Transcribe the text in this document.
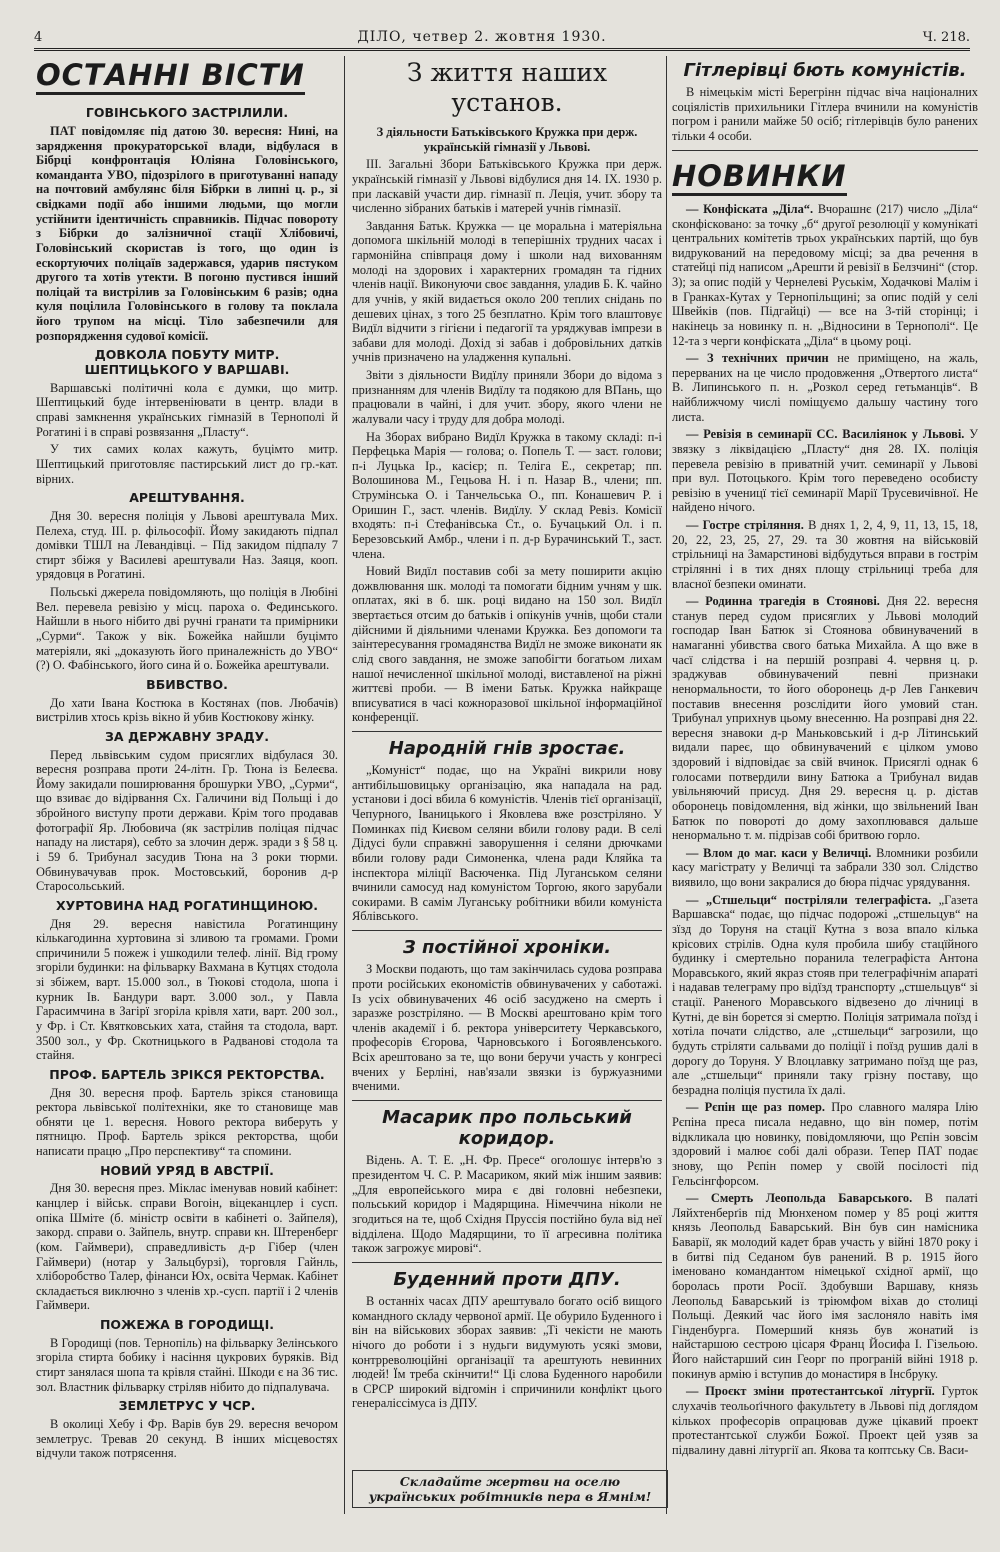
4	ДІЛО, четвер 2. жовтня 1930.	Ч. 218.
ОСТАННІ ВІСТИ
ГОВІНСЬКОГО ЗАСТРІЛИЛИ.

ПАТ повідомляє під датою 30. вересня: Нині, на зарядження прокураторської влади, відбулася в Бібрці конфронтація Юліяна Головінського, команданта УВО, підозрілого в приготуванні нападу на почтовий амбулянс біля Бібрки в липні ц. р., зі свідками події або іншими людьми, що могли устійнити ідентичність справників. Підчас повороту з Бібрки до залізничної стації Хлібовичі, Головінський скористав із того, що один із ескортуючих поліцаїв задержався, ударив пястуком другого та хотів утекти. В погоню пустився інший поліцай та вистрілив за Головінським 6 разів; одна куля поцілила Головінського в голову та поклала його трупом на місці. Тіло забезпечили для розпорядження судової комісії.

ДОВКОЛА ПОБУТУ МИТР. ШЕПТИЦЬКОГО У ВАРШАВІ.

Варшавські політичні кола є думки, що митр. Шептицький буде інтервеніювати в центр. влади в справі замкнення українських гімназій в Тернополі й Рогатині і в справі розвязання „Пласту“.

У тих самих колах кажуть, буцімто митр. Шептицький приготовляє пастирський лист до гр.-кат. вірних.

АРЕШТУВАННЯ.

Дня 30. вересня поліція у Львові арештувала Мих. Пелеха, студ. ІІІ. р. фільософії. Йому закидають підпал домівки ТШЛ на Левандівці. – Під закидом підпалу 7 стирт збіжя у Василеві арештували Наз. Заяця, кооп. урядовця в Рогатині.

Польські джерела повідомляють, що поліція в Любіні Вел. перевела ревізію у місц. пароха о. Фединського. Найшли в нього нібито дві ручні гранати та примірники „Сурми“. Також у вік. Божейка найшли буцімто матеріяли, які „доказують його приналежність до УВО“ (?) О. Фабінського, його сина й о. Божейка арештували.

ВБИВСТВО.

До хати Івана Костюка в Костянах (пов. Любачів) вистрілив хтось крізь вікно й убив Костюкову жінку.

ЗА ДЕРЖАВНУ ЗРАДУ.

Перед львівським судом присяглих відбулася 30. вересня розправа проти 24-літн. Гр. Тюна із Белеєва. Йому закидали поширювання брошурки УВО, „Сурми“, що взиває до відірвання Сх. Галичини від Польщі і до збройного виступу проти держави. Крім того продавав фотографії Яр. Любовича (як застрілив поліцая підчас нападу на листаря), себто за злочин держ. зради з § 58 ц. і 59 б. Трибунал засудив Тюна на 3 роки тюрми. Обвинувачував прок. Мостовський, боронив д-р Старосольський.

ХУРТОВИНА НАД РОГАТИНЩИНОЮ.

Дня 29. вересня навістила Рогатинщину кількагодинна хуртовина зі зливою та громами. Громи спричинили 5 пожеж і ушкодили телеф. лінії. Від грому згоріли будинки: на фільварку Вахмана в Кутцях стодола зі збіжем, варт. 15.000 зол., в Тюкові стодола, шопа і курник Ів. Бандури варт. 3.000 зол., у Павла Гарасимчина в Загірї згоріла крівля хати, варт. 200 зол., у Фр. і Ст. Квятковських хата, стайня та стодола, варт. 3500 зол., у Фр. Скотницького в Радванові стодола та стайня.

ПРОФ. БАРТЕЛЬ ЗРІКСЯ РЕКТОРСТВА.

Дня 30. вересня проф. Бартель зрікся становища ректора львівської політехніки, яке то становище мав обняти це 1. вересня. Нового ректора виберуть у пятницю. Проф. Бартель зрікся ректорства, щоби написати працю „Про перспективу“ та спомини.

НОВИЙ УРЯД В АВСТРІЇ.

Дня 30. вересня през. Міклас іменував новий кабінет: канцлер і військ. справи Вогоін, віцеканцлер і сусп. опіка Шміте (б. міністр освіти в кабінеті о. Зайпеля), закорд. справи о. Зайпель, внутр. справи кн. Штеренберг (ком. Гаймвери), справедливість д-р Гібер (член Гаймвери) (нотар у Зальцбурзі), торговля Гайнль, хліборобство Талер, фінанси Юх, освіта Чермак. Кабінет складається виключно з членів хр.-сусп. партії і 2 членів Гаймвери.

ПОЖЕЖА В ГОРОДИЩІ.

В Городищі (пов. Тернопіль) на фільварку Зелінського згоріла стирта бобику і насіння цукрових буряків. Від стирт занялася шопа та крівля стайні. Шкоди є на 36 тис. зол. Властник фільварку стріляв нібито до підпалувача.

ЗЕМЛЕТРУС У ЧСР.

В околиці Хебу і Фр. Варів був 29. вересня вечором землетрус. Тревав 20 секунд. В інших місцевостях відчули також потрясення.

З життя наших установ.
З діяльности Батьківського Кружка при держ. українській гімназії у Львові.

III. Загальні Збори Батьківського Кружка при держ. українській гімназії у Львові відбулися дня 14. IX. 1930 р. при ласкавій участи дир. гімназії п. Леція, учит. збору та численно зібраних батьків і матерей учнів гімназії.

Завдання Батьк. Кружка — це моральна і матеріяльна допомога шкільній молоді в теперішніх трудних часах і гармонійна співпраця дому і школи над вихованням молоді на здорових і характерних громадян та гідних членів нації. Виконуючи своє завдання, уладив Б. К. чайно для учнів, у якій видається около 200 теплих снідань по дешевих цінах, з того 25 безплатно. Крім того влаштовує Видїл відчити з гігієни і педагогії та уряджував імпрези в забави для молоді. Дохід зі забав і добровільних датків учнів призначено на уладження купальні.

Звіти з діяльности Видїлу приняли Збори до відома з признанням для членів Видїлу та подякою для ВПань, що працювали в чайні, і для учит. збору, якого члени не жалували часу і труду для добра молоді.

На Зборах вибрано Видїл Кружка в такому складі: п-і Перфецька Марія — голова; о. Попель Т. — заст. голови; п-і Луцька Ір., касієр; п. Теліга Е., секретар; пп. Волошинова М., Гецьова Н. і п. Назар В., члени; пп. Струмінська О. і Танчельська О., пп. Конашевич Р. і Оришин Г., заст. членів. Видїлу. У склад Ревіз. Комісії входять: п-і Стефанівська Ст., о. Бучацький Ол. і п. Березовський Амбр., члени і п. д-р Бурачинський Т., заст. члена.

Новий Видїл поставив собі за мету поширити акцію дожвлювання шк. молоді та помогати бідним учням у шк. оплатах, які в б. шк. році видано на 150 зол. Видїл звертається отсим до батьків і опікунів учнів, щоби стали дійсними й діяльними членами Кружка. Без допомоги та заінтересування громадянства Видїл не зможе виконати як слід свого завдання, не зможе запобігти богатьом лихам нашої нечисленної шкільної молоді, виставленої на ріжні життєві проби. — В імени Батьк. Кружка найкраще вписуватися в часі кожноразової шкільної інформаційної конференції.

Народній гнів зростає.

„Комуніст“ подає, що на Україні викрили нову антибільшовицьку організацію, яка нападала на рад. установи і досі вбила 6 комуністів. Членів тієї організації, Чепурного, Іваницького і Яковлева вже розстріляно. У Поминках під Києвом селяни вбили голову ради. В селі Дідусі були справжні заворушення і селяни дрючками вбили голову ради Симоненка, члена ради Кляйка та інспектора міліції Васюченка. Під Луганськом селяни вчинили самосуд над комуністом Торгою, якого зарубали сокирами. В самім Луганську робітники вбили комуніста Яблівського.

З постійної хроніки.

З Москви подають, що там закінчилась судова розправа проти російських економістів обвинувачених у саботажі. Із усіх обвинувачених 46 осіб засуджено на смерть і заразже розстріляно. — В Москві арештовано крім того членів академії і б. ректора університету Черкавського, професорів Єгорова, Чарновського і Богоявленського. Всіх арештовано за те, що вони беручи участь у конгресі вчених у Берліні, нав'язали звязки із буржуазними вченими.

Масарик про польський коридор.

Відень. А. Т. Е. „Н. Фр. Пресе“ оголошує інтерв'ю з президентом Ч. С. Р. Масариком, який між іншим заявив: „Для европейського мира є дві головні небезпеки, польський коридор і Мадярщина. Німеччина ніколи не згодиться на те, щоб Східня Пруссія постійно була від неї відділена. Щодо Мадярщини, то її агресивна політика також загрожує мирові“.

Буденний проти ДПУ.

В останніх часах ДПУ арештувало богато осіб вищого командного складу червоної армії. Це обурило Буденного і він на військових зборах заявив: „Ті чекісти не мають нічого до роботи і з нудьги видумують усякі змови, контрреволюційні організації та арештують невинних людей! Їм треба скінчити!“ Ці слова Буденного наробили в СРСР широкий відгомін і спричинили конфлікт цього генераліссімуса із ДПУ.

Складайте жертви на оселю українських робітників пера в Ямнім!
Гітлерівці бють комуністів.

В німецькім місті Берегрінн підчас віча націоналних соціялістів прихильники Гітлера вчинили на комуністів погром і ранили майже 50 осіб; гітлерівців було ранених тільки 4 особи.

НОВИНКИ

— Конфіската „Діла“. Вчорашнє (217) число „Діла“ сконфісковано: за точку „б“ другої резолюції у комунікаті центральних комітетів трьох українських партій, що був видрукований на передовому місці; за два речення в статейці під написом „Арешти й ревізії в Белзчині“ (стор. 3); за опис подій у Чернелеві Руськім, Ходачкові Малім і в Гранках-Кутах у Тернопільщині; за опис подій у селі Швейків (пов. Підгайці) — все на 3-тій сторінці; і накінець за новинку п. н. „Відносини в Тернополі“. Це 12-та з черги конфіската „Діла“ в цьому році.

— З технічних причин не приміщено, на жаль, перерваних на це число продовження „Отвертого листа“ В. Липинського п. н. „Розкол серед гетьманців“. В найближчому числі поміщуємо дальшу частину того листа.

— Ревізія в семинарії СС. Василіянок у Львові. У звязку з ліквідацією „Пласту“ дня 28. IX. поліція перевела ревізію в приватній учит. семинарії у Львові при вул. Потоцького. Крім того переведено особисту ревізію в ученицї тієї семинарії Марії Трусевичівної. Не найдено нічого.

— Гостре стріляння. В днях 1, 2, 4, 9, 11, 13, 15, 18, 20, 22, 23, 25, 27, 29. та 30 жовтня на військовій стрільниці на Замарстинові відбудуться вправи в гострім стрілянні і в тих днях площу стрільниці треба для власної безпеки оминати.

— Родинна трагедія в Стоянові. Дня 22. вересня станув перед судом присяглих у Львові молодий господар Іван Батюк зі Стоянова обвинувачений в намаганні убивства свого батька Михайла. А що вже в часї слідства і на першій розправі 4. червня ц. р. зраджував обвинувачений певні признаки ненормальности, то його оборонець д-р Лев Ганкевич поставив внесення розслідити його умовий стан. Трибунал уприхнув цьому внесенню. На розправі дня 22. вересня знавоки д-р Маньковський і д-р Літинський видали пареє, що обвинувачений є цілком умово здоровий і відповідає за свій вчинок. Присяглі однак 6 голосами потвердили вину Батюка а Трибунал видав увільняючий присуд. Дня 29. вересня ц. р. дістав оборонець повідомлення, від жінки, що звільнений Іван Батюк по повороті до дому захоплювався дальше ненормально т. м. підрізав собі бритвою горло.

— Влом до маг. каси у Величці. Вломники розбили касу магістрату у Величці та забрали 330 зол. Слідство виявило, що вони закралися до бюра підчас урядування.

— „Стшельци“ постріляли телеграфіста. „Газета Варшавска“ подає, що підчас подорожі „стшельцув“ на зїзд до Торуня на стації Кутна з воза впало кілька крісових стрілів. Одна куля пробила шибу стацїйного будинку і смертельно поранила телеграфіста Антона Моравського, який якраз стояв при телеграфічнім апараті і надавав телеграму про відїзд транспорту „стшельцув“ зі стації. Раненого Моравського відвезено до лічниці в Кутні, де він борется зі смертю. Поліція затримала поїзд і хотіла почати слідство, але „стшельци“ загрозили, що будуть стріляти сальвами до поліції і поїзд рушив далі в дорогу до Торуня. У Влоцлавку затримано поїзд ще раз, але „стшельци“ приняли таку грізну поставу, що безрадна поліція пустила їх далі.

— Рєпін ще раз помер. Про славного маляра Ілію Рєпіна преса писала недавно, що він помер, потім відкликала цю новинку, повідомляючи, що Рєпін зовсім здоровий і малює собі далі образи. Тепер ПАТ подає знову, що Рєпін помер у своїй посілості під Гельсінгфорсом.

— Смерть Леопольда Баварського. В палаті Ляйхтенберґів під Мюнхеном помер у 85 році життя князь Леопольд Баварський. Він був син намісника Баварії, як молодий кадет брав участь у війні 1870 року і в битві під Седаном був ранений. В р. 1915 його іменовано командантом німецької східної армії, що боролась проти Росії. Здобувши Варшаву, князь Леопольд Баварський із тріюмфом віхав до столиці Польщі. Деякий час його імя заслоняло навіть імя Гінденбурга. Померший князь був жонатий із найстаршою сестрою цісаря Франц Йосифа І. Гізельою. Його найстарший син Георг по програній війні 1918 р. покинув армію і вступив до монастиря в Інсбруку.

— Проєкт зміни протестантської літургії. Гурток слухачів теольоґічного факультету в Львові під доглядом кількох професорів опрацював дуже цікавий проект протестантської служби Божої. Проект цей узяв за підвалину давні літургії ап. Якова та коптську Св. Васи-
